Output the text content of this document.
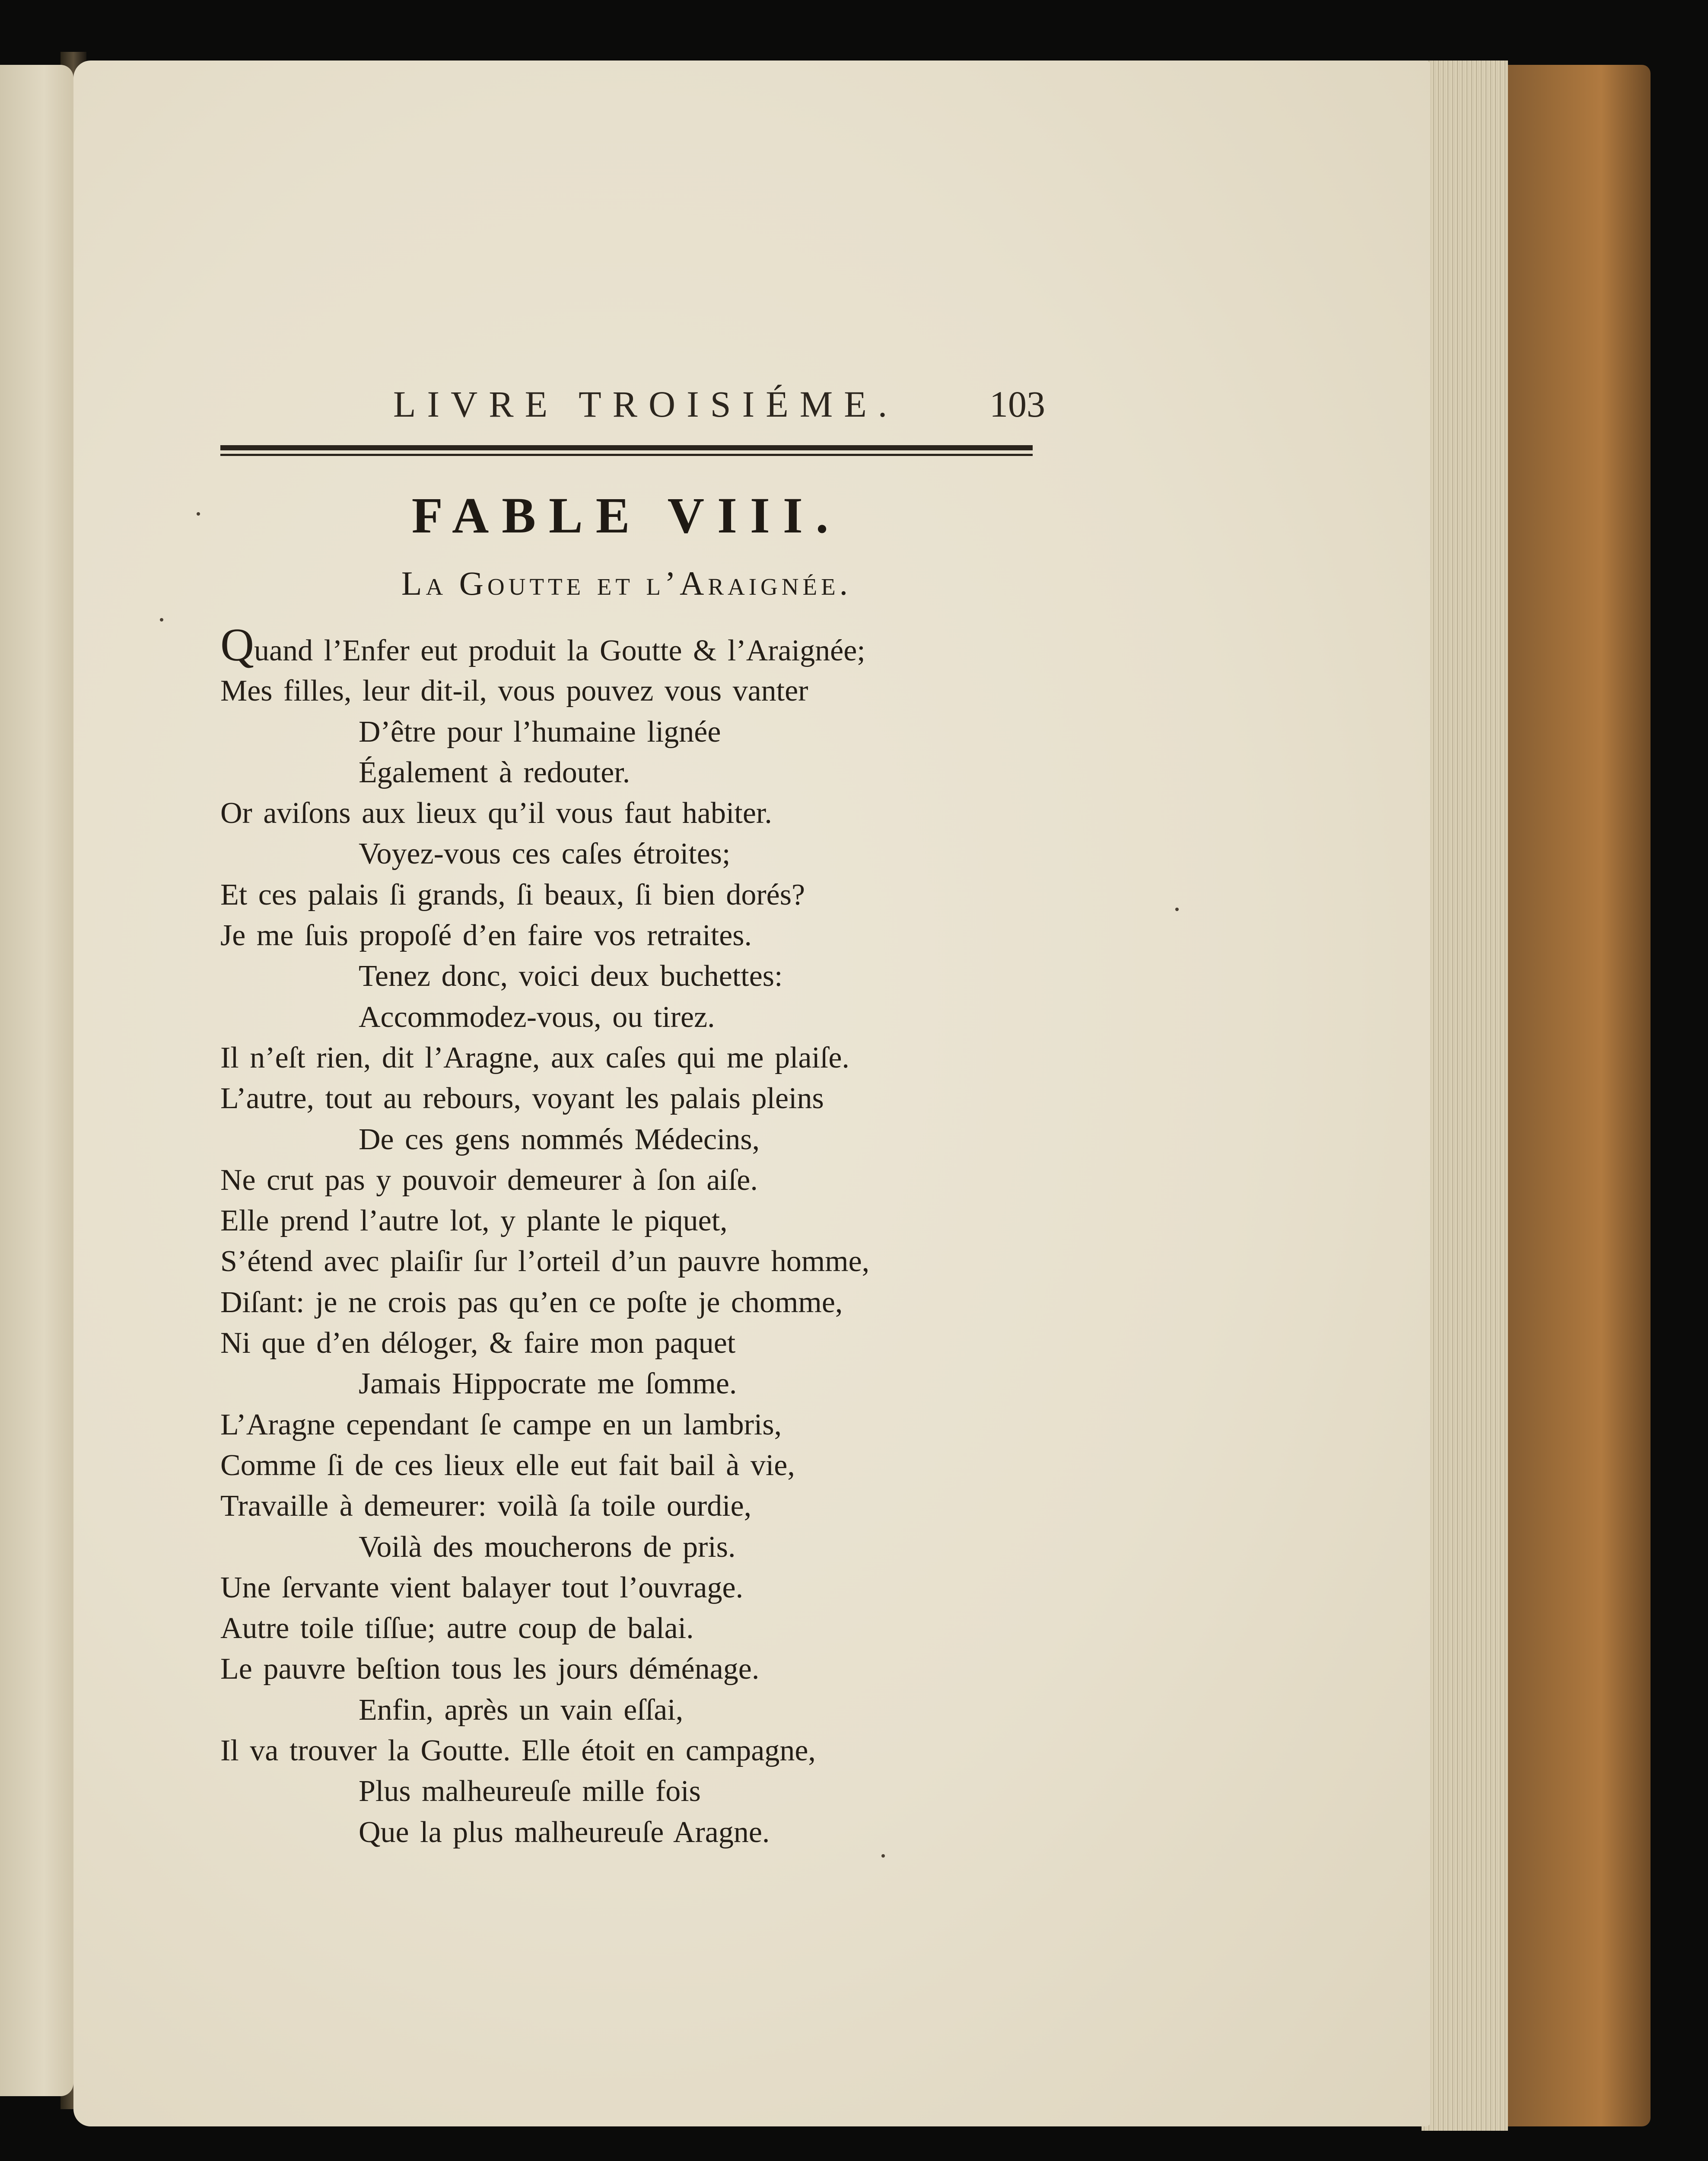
LIVRE TROISIÉME. 103
FABLE VIII.
La Goutte et l’Araignée.
Quand l’Enfer eut produit la Goutte & l’Araignée;
Mes filles, leur dit-il, vous pouvez vous vanter
D’être pour l’humaine lignée
Également à redouter.
Or aviſons aux lieux qu’il vous faut habiter.
Voyez-vous ces caſes étroites;
Et ces palais ſi grands, ſi beaux, ſi bien dorés?
Je me ſuis propoſé d’en faire vos retraites.
Tenez donc, voici deux buchettes:
Accommodez-vous, ou tirez.
Il n’eſt rien, dit l’Aragne, aux caſes qui me plaiſe.
L’autre, tout au rebours, voyant les palais pleins
De ces gens nommés Médecins,
Ne crut pas y pouvoir demeurer à ſon aiſe.
Elle prend l’autre lot, y plante le piquet,
S’étend avec plaiſir ſur l’orteil d’un pauvre homme,
Diſant: je ne crois pas qu’en ce poſte je chomme,
Ni que d’en déloger, & faire mon paquet
Jamais Hippocrate me ſomme.
L’Aragne cependant ſe campe en un lambris,
Comme ſi de ces lieux elle eut fait bail à vie,
Travaille à demeurer: voilà ſa toile ourdie,
Voilà des moucherons de pris.
Une ſervante vient balayer tout l’ouvrage.
Autre toile tiſſue; autre coup de balai.
Le pauvre beſtion tous les jours déménage.
Enfin, après un vain eſſai,
Il va trouver la Goutte. Elle étoit en campagne,
Plus malheureuſe mille fois
Que la plus malheureuſe Aragne.
